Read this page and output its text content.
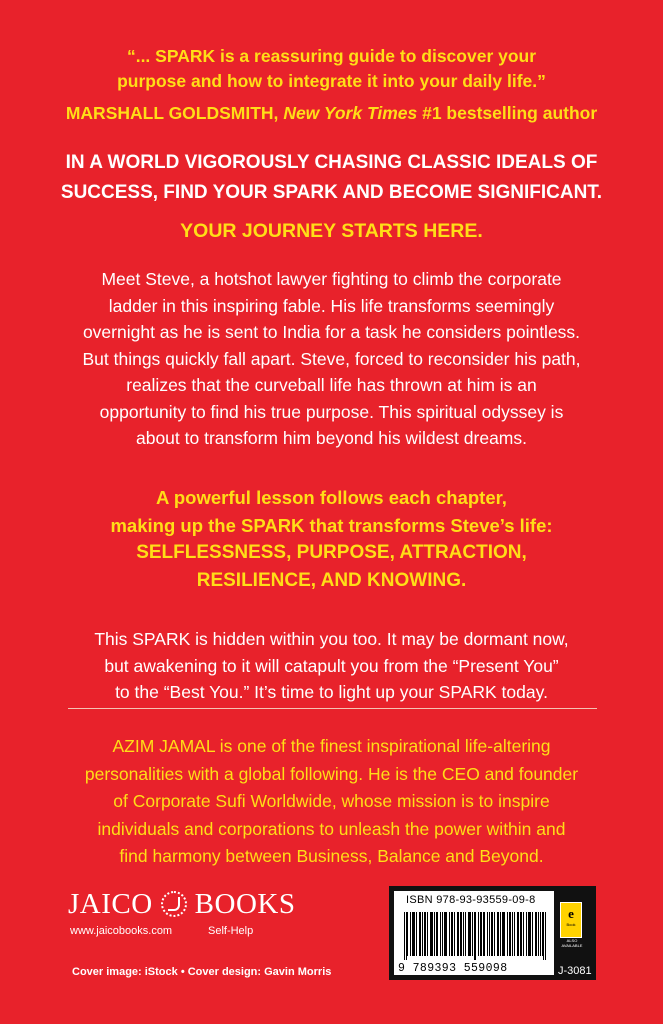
“... SPARK is a reassuring guide to discover your
purpose and how to integrate it into your daily life.”
MARSHALL GOLDSMITH, New York Times #1 bestselling author
IN A WORLD VIGOROUSLY CHASING CLASSIC IDEALS OF
SUCCESS, FIND YOUR SPARK AND BECOME SIGNIFICANT.
YOUR JOURNEY STARTS HERE.
Meet Steve, a hotshot lawyer fighting to climb the corporate
ladder in this inspiring fable. His life transforms seemingly
overnight as he is sent to India for a task he considers pointless.
But things quickly fall apart. Steve, forced to reconsider his path,
realizes that the curveball life has thrown at him is an
opportunity to find his true purpose. This spiritual odyssey is
about to transform him beyond his wildest dreams.
A powerful lesson follows each chapter,
making up the SPARK that transforms Steve’s life:
SELFLESSNESS, PURPOSE, ATTRACTION,
RESILIENCE, AND KNOWING.
This SPARK is hidden within you too. It may be dormant now,
but awakening to it will catapult you from the “Present You”
to the “Best You.” It’s time to light up your SPARK today.
AZIM JAMAL is one of the finest inspirational life-altering
personalities with a global following. He is the CEO and founder
of Corporate Sufi Worldwide, whose mission is to inspire
individuals and corporations to unleash the power within and
find harmony between Business, Balance and Beyond.
JAICO BOOKS
www.jaicobooks.com	Self-Help
Cover image: iStock • Cover design: Gavin Morris
ISBN 978-93-93559-09-8
9 789393 559098
e
Book
ALSO AVAILABLE
J-3081
